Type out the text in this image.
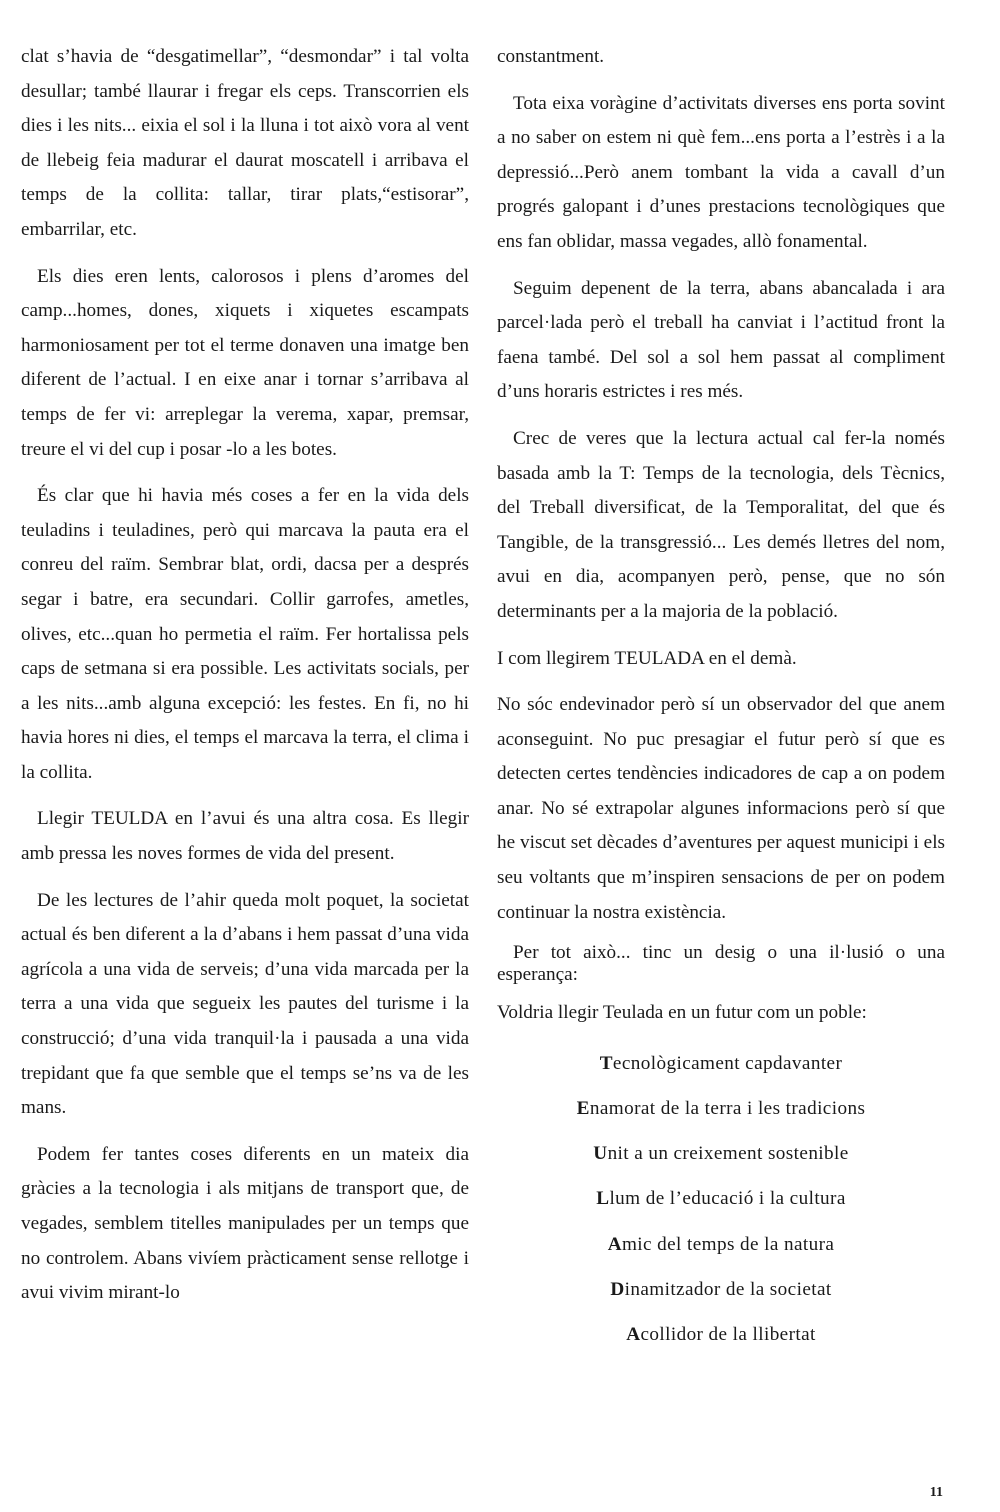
clat s’havia de “desgatimellar”, “desmondar” i tal volta desullar; també llaurar i fregar els ceps. Transcorrien els dies i les nits... eixia el sol i la lluna i tot això vora al vent de llebeig feia madurar el daurat moscatell i arribava el temps de la collita: tallar, tirar plats,“estisorar”, embarrilar, etc.

Els dies eren lents, calorosos i plens d’aromes del camp...homes, dones, xiquets i xiquetes escampats harmoniosament per tot el terme donaven una imatge ben diferent de l’actual. I en eixe anar i tornar s’arribava al temps de fer vi: arreplegar la verema, xapar, premsar, treure el vi del cup i posar -lo a les botes.

És clar que hi havia més coses a fer en la vida dels teuladins i teuladines, però qui marcava la pauta era el conreu del raïm. Sembrar blat, ordi, dacsa per a després segar i batre, era secundari. Collir garrofes, ametles, olives, etc...quan ho permetia el raïm. Fer hortalissa pels caps de setmana si era possible. Les activitats socials, per a les nits...amb alguna excepció: les festes. En fi, no hi havia hores ni dies, el temps el marcava la terra, el clima i la collita.

Llegir TEULDA en l’avui és una altra cosa. Es llegir amb pressa les noves formes de vida del present.

De les lectures de l’ahir queda molt poquet, la societat actual és ben diferent a la d’abans i hem passat d’una vida agrícola a una vida de serveis; d’una vida marcada per la terra a una vida que segueix les pautes del turisme i la construcció; d’una vida tranquil·la i pausada a una vida trepidant que fa que semble que el temps se’ns va de les mans.

Podem fer tantes coses diferents en un mateix dia gràcies a la tecnologia i als mitjans de transport que, de vegades, semblem titelles manipulades per un temps que no controlem. Abans vivíem pràcticament sense rellotge i avui vivim mirant-lo

constantment.

Tota eixa voràgine d’activitats diverses ens porta sovint a no saber on estem ni què fem...ens porta a l’estrès i a la depressió...Però anem tombant la vida a cavall d’un progrés galopant i d’unes prestacions tecnològiques que ens fan oblidar, massa vegades, allò fonamental.

Seguim depenent de la terra, abans abancalada i ara parcel·lada però el treball ha canviat i l’actitud front la faena també. Del sol a sol hem passat al compliment d’uns horaris estrictes i res més.

Crec de veres que la lectura actual cal fer-la només basada amb la T: Temps de la tecnologia, dels Tècnics, del Treball diversificat, de la Temporalitat, del que és Tangible, de la transgressió... Les demés lletres del nom, avui en dia, acompanyen però, pense, que no són determinants per a la majoria de la població.

I com llegirem TEULADA en el demà.

No sóc endevinador però sí un observador del que anem aconseguint. No puc presagiar el futur però sí que es detecten certes tendències indicadores de cap a on podem anar. No sé extrapolar algunes informacions però sí que he viscut set dècades d’aventures per aquest municipi i els seu voltants que m’inspiren sensacions de per on podem continuar la nostra existència.

Per tot això... tinc un desig o una il·lusió o una esperança:

Voldria llegir Teulada en un futur com un poble:

Tecnològicament capdavanter
Enamorat de la terra i les tradicions
Unit a un creixement sostenible
Llum de l’educació i la cultura
Amic del temps de la natura
Dinamitzador de la societat
Acollidor de la llibertat
11
